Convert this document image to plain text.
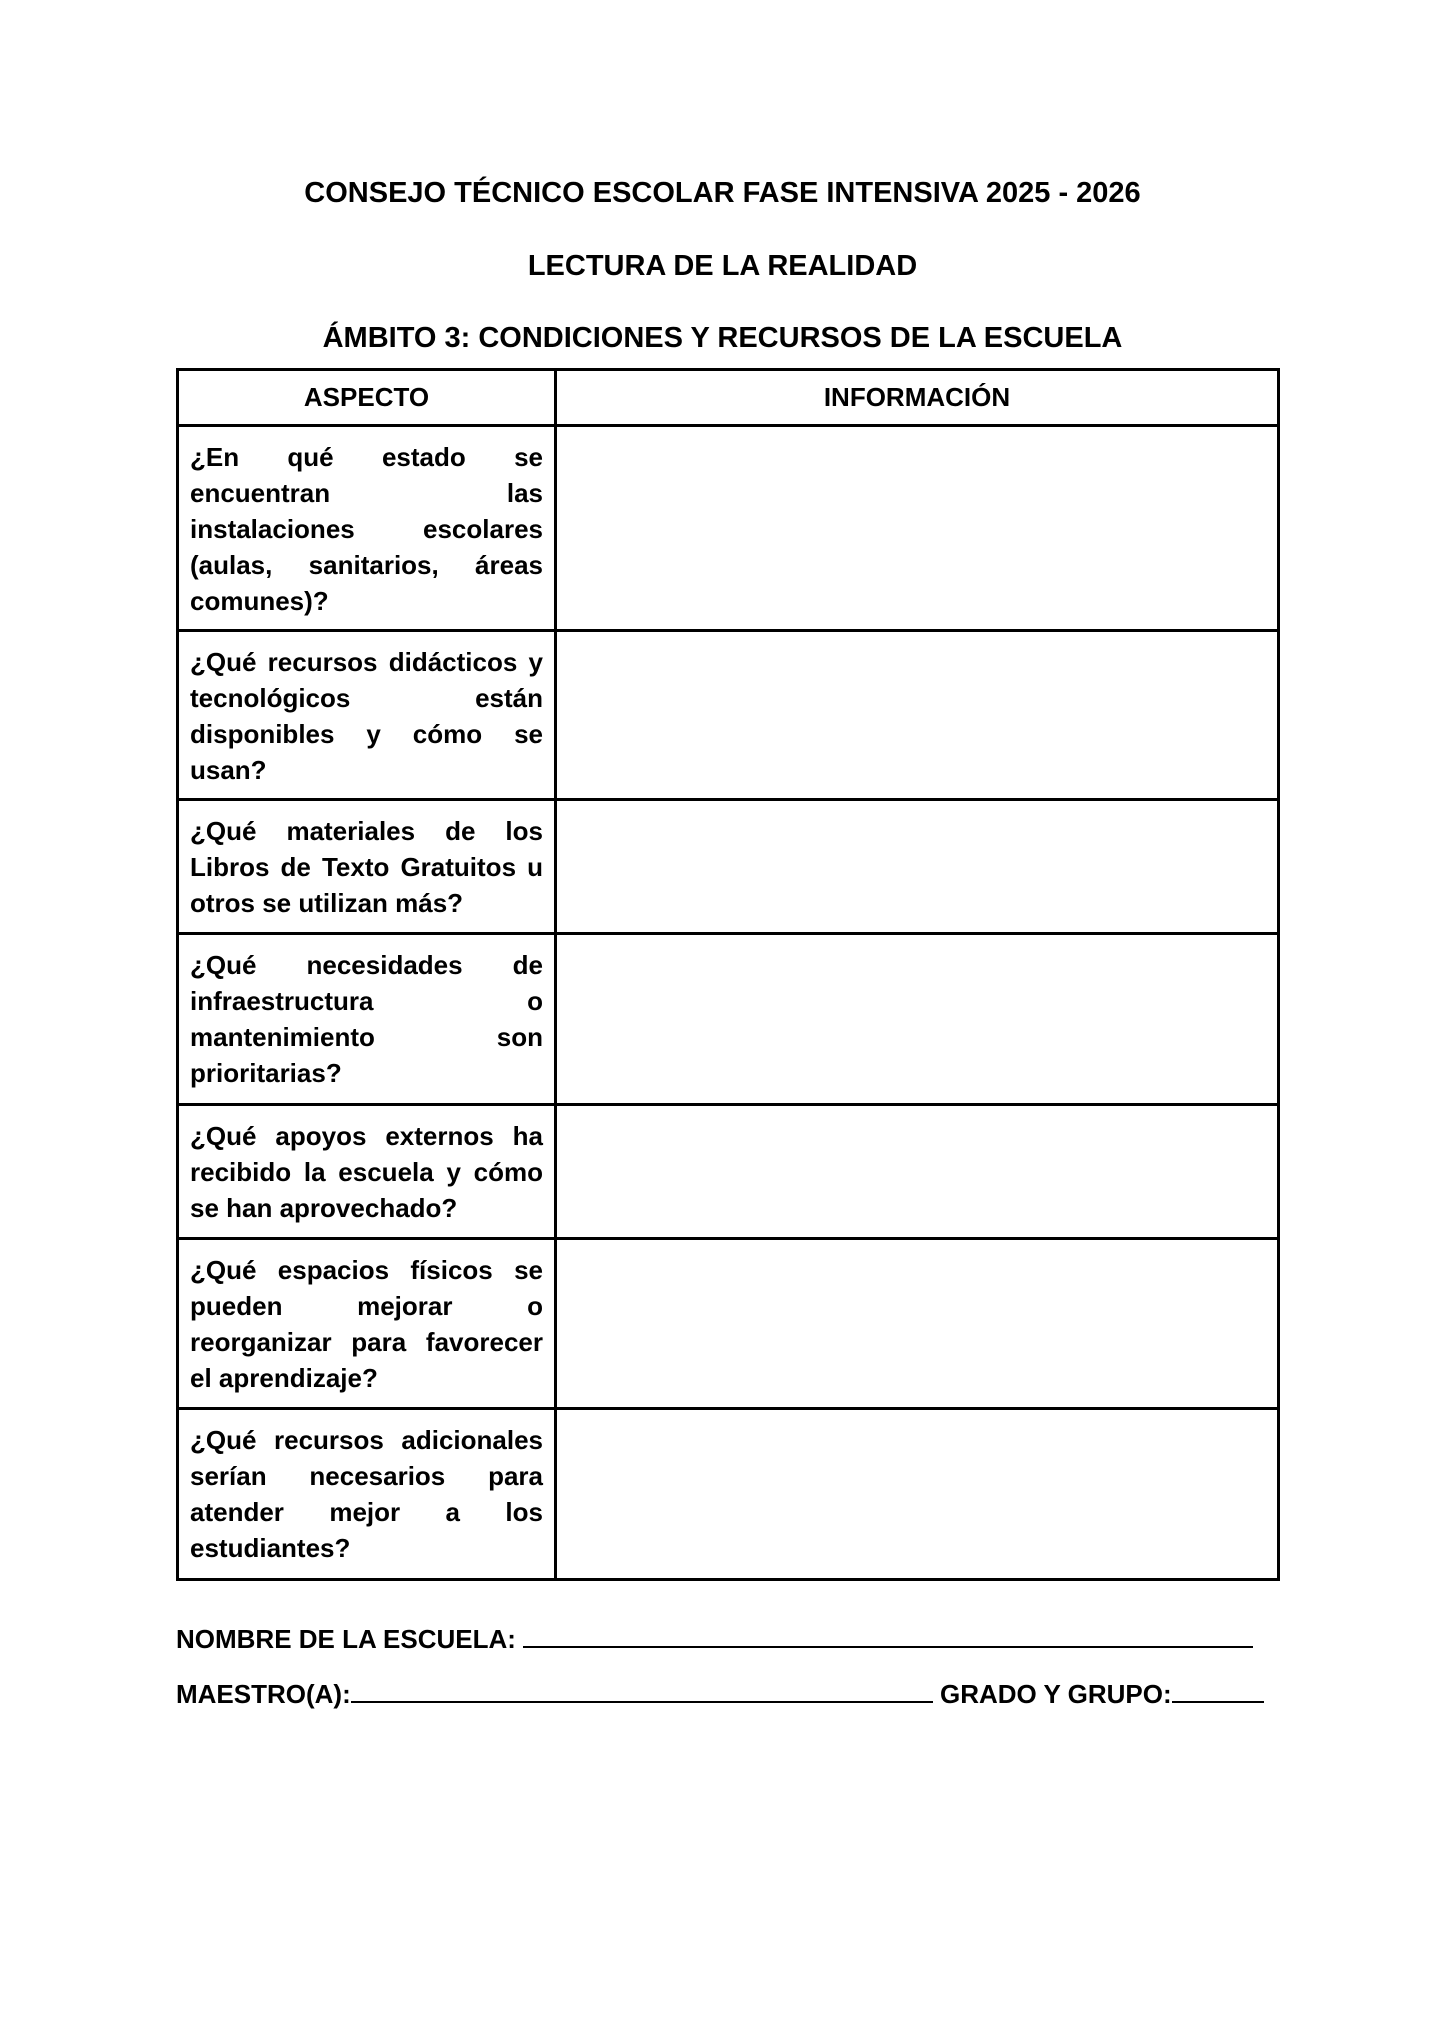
CONSEJO TÉCNICO ESCOLAR FASE INTENSIVA 2025 - 2026
LECTURA DE LA REALIDAD
ÁMBITO 3: CONDICIONES Y RECURSOS DE LA ESCUELA
ASPECTO	INFORMACIÓN
¿En qué estado se encuentran las instalaciones escolares (aulas, sanitarios, áreas comunes)?	
¿Qué recursos didácticos y tecnológicos están disponibles y cómo se usan?	
¿Qué materiales de los Libros de Texto Gratuitos u otros se utilizan más?	
¿Qué necesidades de infraestructura o mantenimiento son prioritarias?	
¿Qué apoyos externos ha recibido la escuela y cómo se han aprovechado?	
¿Qué espacios físicos se pueden mejorar o reorganizar para favorecer el aprendizaje?	
¿Qué recursos adicionales serían necesarios para atender mejor a los estudiantes?	
NOMBRE DE LA ESCUELA:
MAESTRO(A):	GRADO Y GRUPO:
